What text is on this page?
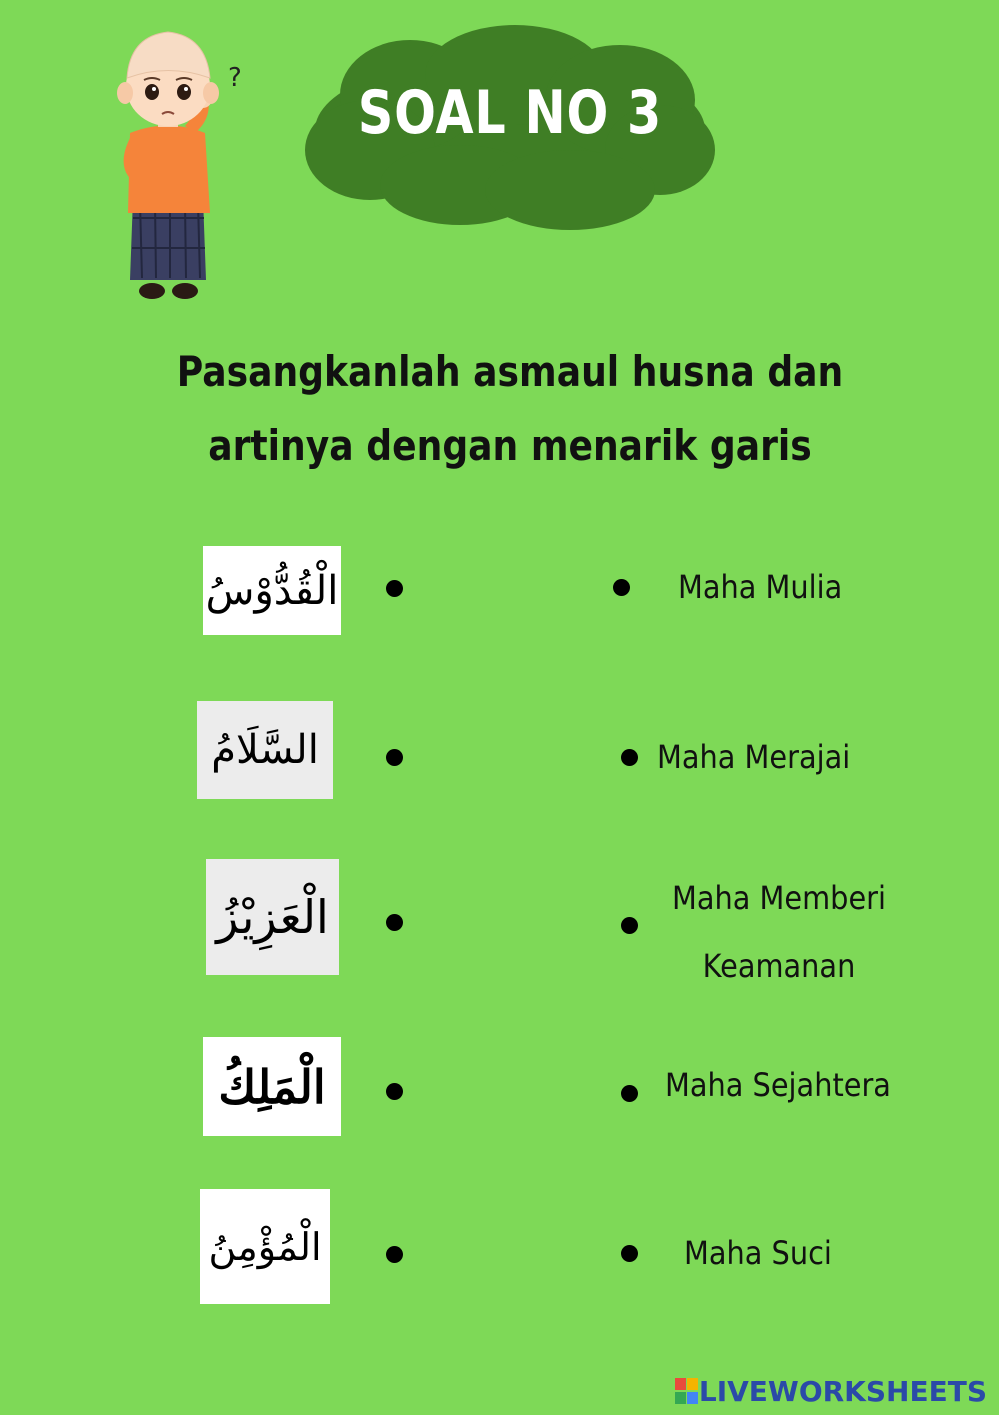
?	SOAL NO 3
Pasangkanlah asmaul husna dan
artinya dengan menarik garis
الْقُدُّوْسُ
السَّلَامُ
الْعَزِيْزُ
الْمَلِكُ
الْمُؤْمِنُ
Maha Mulia
Maha Merajai
Maha Memberi
Keamanan
Maha Sejahtera
Maha Suci
LIVEWORKSHEETS
